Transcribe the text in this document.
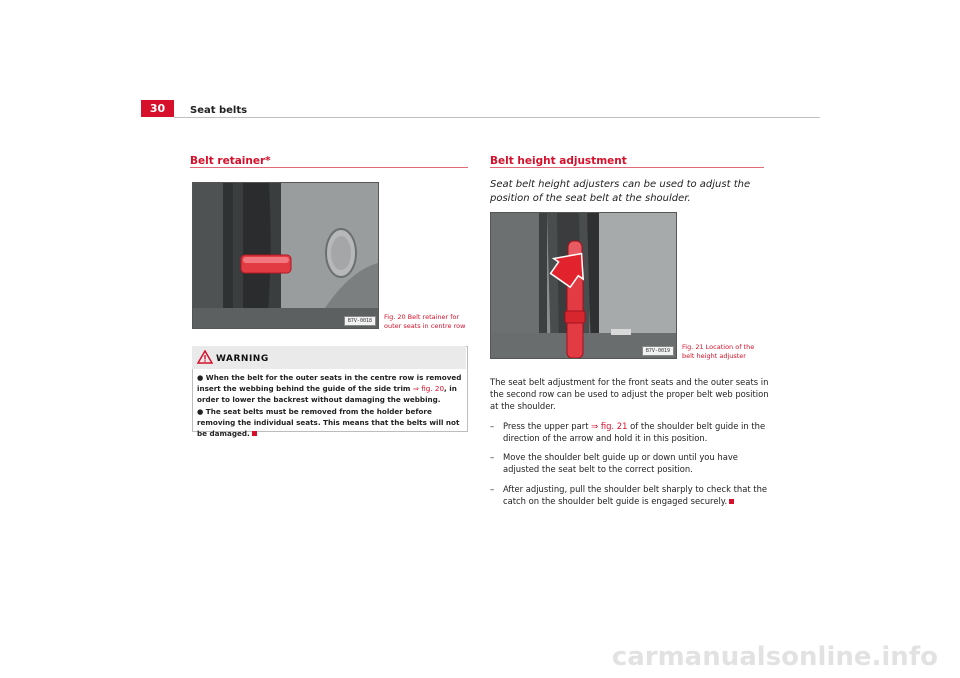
30	Seat belts
Belt retainer*
B7V-0018	Fig. 20 Belt retainer for outer seats in centre row
WARNING
● When the belt for the outer seats in the centre row is removed insert the webbing behind the guide of the side trim ⇒ fig. 20, in order to lower the backrest without damaging the webbing.
● The seat belts must be removed from the holder before removing the individual seats. This means that the belts will not be damaged.
Belt height adjustment
Seat belt height adjusters can be used to adjust the position of the seat belt at the shoulder.
B7V-0019	Fig. 21 Location of the belt height adjuster
The seat belt adjustment for the front seats and the outer seats in the second row can be used to adjust the proper belt web position at the shoulder.
– Press the upper part ⇒ fig. 21 of the shoulder belt guide in the direction of the arrow and hold it in this position.
– Move the shoulder belt guide up or down until you have adjusted the seat belt to the correct position.
– After adjusting, pull the shoulder belt sharply to check that the catch on the shoulder belt guide is engaged securely.
carmanualsonline.info
